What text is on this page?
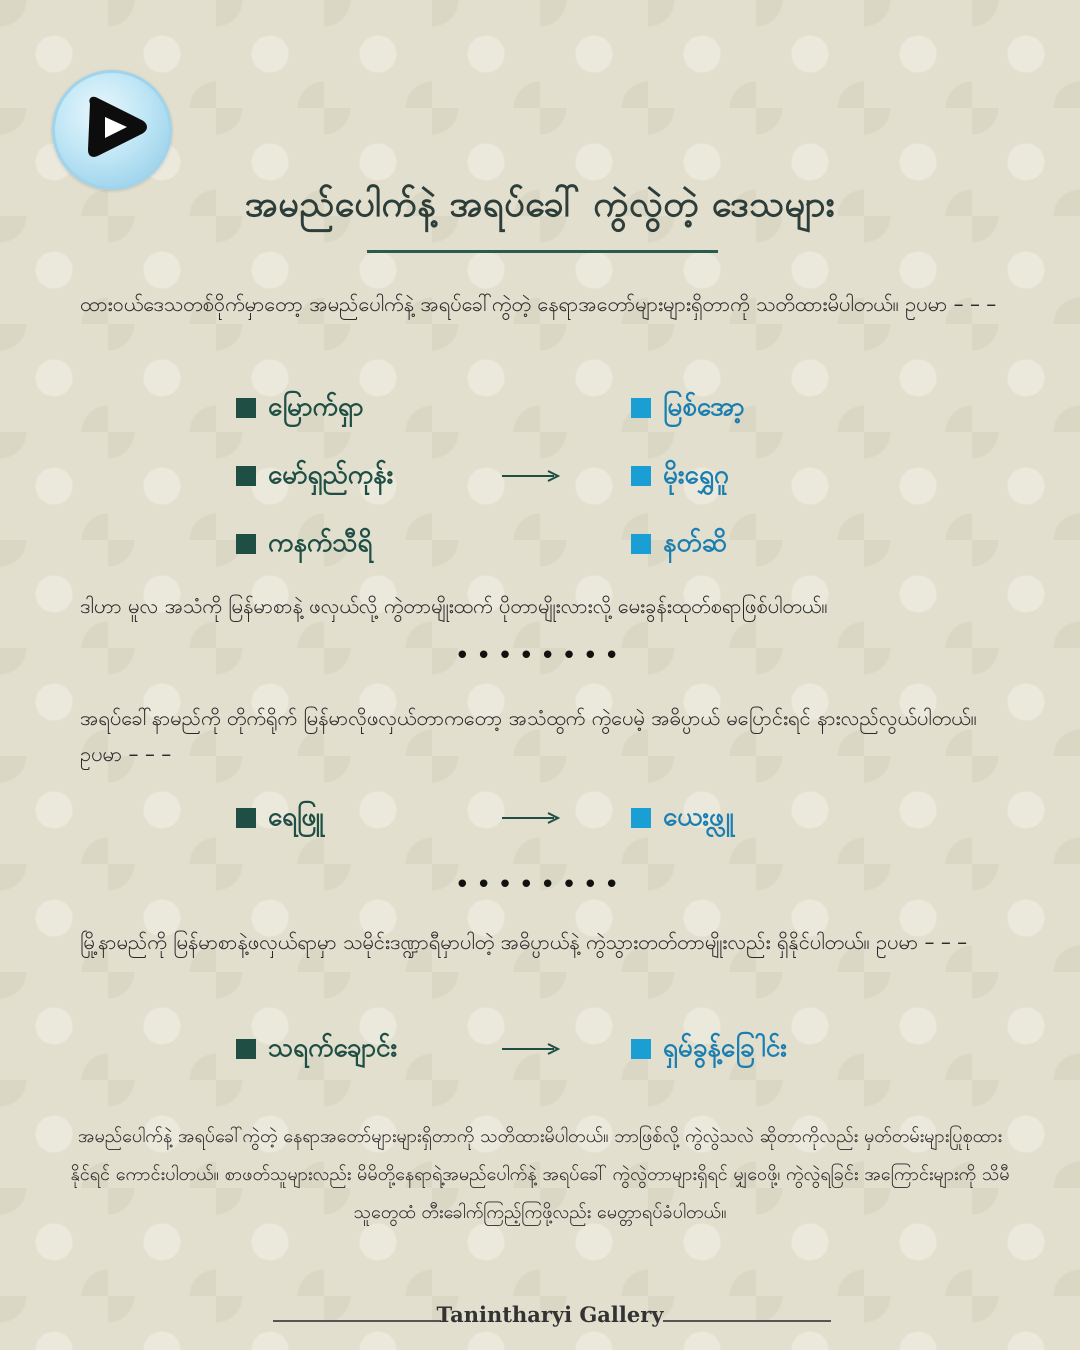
အမည်ပေါက်နဲ့ အရပ်ခေါ် ကွဲလွဲတဲ့ ဒေသများ
ထားဝယ်ဒေသတစ်ဝိုက်မှာတော့ အမည်ပေါက်နဲ့ အရပ်ခေါ်ကွဲတဲ့ နေရာအတော်များများရှိတာကို သတိထားမိပါတယ်။ ဥပမာ – – –
မြောက်ရှာ	မြစ်အော့
မော်ရှည်ကုန်း	မိုးရွှေဂူ
ကနက်သီရိ	နတ်ဆိ
ဒါဟာ မူလ အသံကို မြန်မာစာနဲ့ ဖလှယ်လို့ ကွဲတာမျိုးထက် ပိုတာမျိုးလားလို့ မေးခွန်းထုတ်စရာဖြစ်ပါတယ်။
••••••••
အရပ်ခေါ်နာမည်ကို တိုက်ရိုက် မြန်မာလိုဖလှယ်တာကတော့ အသံထွက် ကွဲပေမဲ့ အဓိပ္ပာယ် မပြောင်းရင် နားလည်လွယ်ပါတယ်။ ဥပမာ – – –
ရေဖြူ	ယေးဖ္လူ
••••••••
မြို့နာမည်ကို မြန်မာစာနဲ့ဖလှယ်ရာမှာ သမိုင်းဒဏ္ဍာရီမှာပါတဲ့ အဓိပ္ပာယ်နဲ့ ကွဲသွားတတ်တာမျိုးလည်း ရှိနိုင်ပါတယ်။ ဥပမာ – – –
သရက်ချောင်း	ရှမ်ခွန့်ခြေါင်း
အမည်ပေါက်နဲ့ အရပ်ခေါ်ကွဲတဲ့ နေရာအတော်များများရှိတာကို သတိထားမိပါတယ်။ ဘာဖြစ်လို့ ကွဲလွဲသလဲ ဆိုတာကိုလည်း မှတ်တမ်းများပြုစုထားနိုင်ရင် ကောင်းပါတယ်။ စာဖတ်သူများလည်း မိမိတို့နေရာရဲ့အမည်ပေါက်နဲ့ အရပ်ခေါ် ကွဲလွဲတာများရှိရင် မျှဝေဖို့၊ ကွဲလွဲရခြင်း အကြောင်းများကို သိမီသူတွေထံ တီးခေါက်ကြည့်ကြဖို့လည်း မေတ္တာရပ်ခံပါတယ်။
Tanintharyi Gallery
